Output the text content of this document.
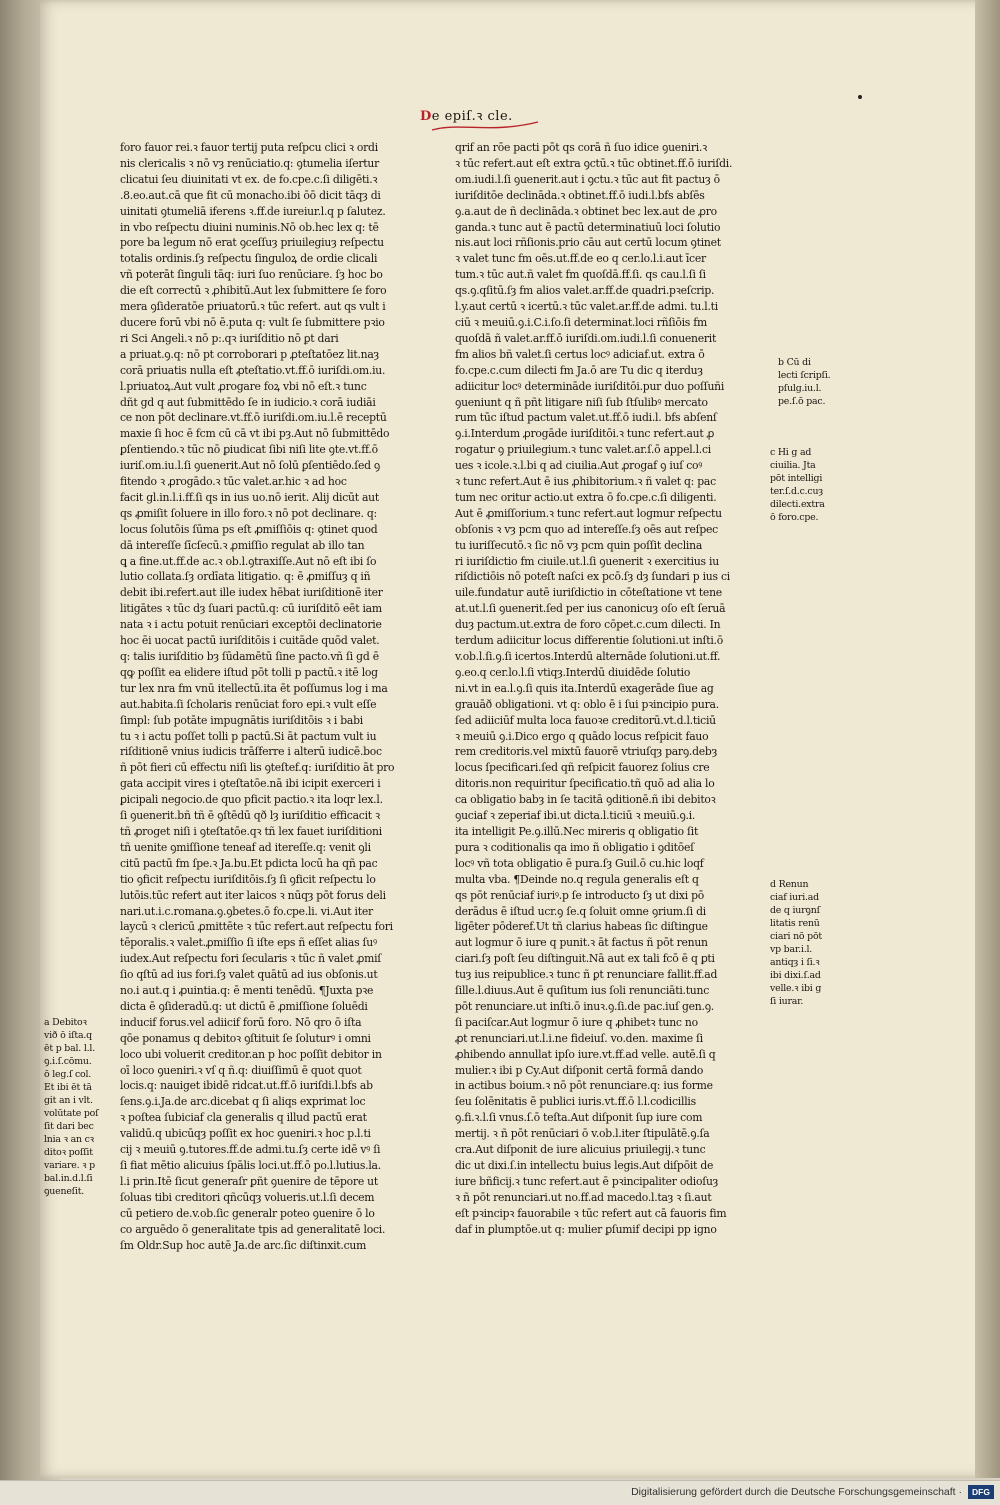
De epiſ.ꝛ cle.
foro fauor rei.ꝛ fauor tertij puta reſpcu clici ꝛ ordi
nis clericalis ꝛ nō vȝ renūciatio.q: ꝯtumelia iſertur
clicatui ſeu diuinitati vt ex. de fo.cpe.c.ſi diligēti.ꝛ
.8.eo.aut.cā que fit cū monacho.ibi ōō dicit tāqȝ di
uinitati ꝯtumeliā iferens ꝛ.ff.de iureiur.l.q p ſalutez.
in vbo reſpectu diuini numinis.Nō ob.hec lex q: tē
pore ba legum nō erat ꝯceſſuȝ priuilegiuȝ reſpectu
totalis ordinis.ſȝ reſpectu ſinguloꝝ de ordie clicali
vñ poterāt ſinguli tāq: iuri ſuo renūciare. ſȝ hoc bo
die eſt correctū ꝛ ꝓhibitū.Aut lex ſubmittere ſe foro
mera ꝯſideratōe priuatorū.ꝛ tūc refert. aut qs vult i
ducere forū vbi nō ē.puta q: vult ſe ſubmittere pꝛio
ri Sci Angeli.ꝛ nō p:.qꝛ iuriſditio nō ꝑt dari
a priuat.ꝯ.q: nō pt corroborari p ꝓteſtatōez lit.naȝ
corā priuatis nulla eſt ꝓteſtatio.vt.ff.ō iuriſdi.om.iu.
l.priuatoꝝ.Aut vult ꝓrogare foꝝ vbi nō eſt.ꝛ tunc
dñt gd q aut ſubmittēdo ſe in iudicio.ꝛ corā iudiāi
ce non pōt declinare.vt.ff.ō iuriſdi.om.iu.l.ē receptū
maxie ſi hoc ē fcm cū cā vt ibi pȝ.Aut nō ſubmittēdo
ꝑſentiendo.ꝛ tūc nō ꝑiudicat ſibi niſi lite ꝯte.vt.ff.ō
iuriſ.om.iu.l.ſi ꝯuenerit.Aut nō ſolū ꝑſentiēdo.ſed ꝯ
fitendo ꝛ ꝓrogādo.ꝛ tūc valet.ar.hic ꝛ ad hoc
facit gl.in.l.i.ff.ſi qs in ius uo.nō ierit. Alij dicūt aut
qs ꝓmiſit ſoluere in illo foro.ꝛ nō pot declinare. q:
locus ſolutōis ſūma ps eſt ꝓmiſſiōis q: ꝯtinet quod
dā intereſſe ſīcſecū.ꝛ ꝓmiſſio regulat ab illo tan
ꝗ a fine.ut.ff.de ac.ꝛ ob.l.ꝯtraxiſſe.Aut nō eſt ibi ſo
lutio collata.ſȝ ordīata litigatio. q: ē ꝓmiſſuȝ q iñ
debit ibi.refert.aut ille iudex hēbat iuriſditionē iter
litigātes ꝛ tūc dȝ ſuari pactū.q: cū iuriſditō eēt iam
nata ꝛ i actu potuit renūciari exceptōi declinatorie
hoc ēi uocat pactū iuriſditōis i cuitāde quōd valet.
q: talis iuriſditio bȝ ſūdamētū ſine pacto.vñ ſi gd ē
qꝙ poſſit ea elidere iſtud pōt tolli p pactū.ꝛ itē log
tur lex nra fm vnū itellectū.ita ēt poſſumus log i ma
aut.habita.ſi ſcholaris renūciat foro epi.ꝛ vult eſſe
ſimpl: ſub potāte impugnātis iuriſditōis ꝛ i babi
tu ꝛ i actu poſſet tolli p pactū.Si āt pactum vult iu
riſditionē vnius iudicis trāſferre i alterū iudicē.boc
ñ pōt fieri cū effectu niſi lis ꝯteſtef.q: iuriſditio āt pro
gata accipit vires i ꝯteſtatōe.nā ibi icipit exerceri i
ꝑicipali negocio.de quo pficit pactio.ꝛ ita loqr lex.l.
ſi ꝯuenerit.bñ tñ ē ꝯſtēdū qð lȝ iuriſditio efficacit ꝛ
tñ ꝓroget niſi i ꝯteſtatōe.qꝛ tñ lex fauet iuriſditioni
tñ uenite ꝯmiſſione teneaf ad itereſſe.q: venit ꝯli
citū pactū fm ſpe.ꝛ Ja.bu.Et pdicta locū ha qñ pac
tio ꝯficit reſpectu iuriſditōis.ſȝ ſi ꝯficit reſpectu lo
lutōis.tūc refert aut iter laicos ꝛ nūqȝ pōt forus deli
nari.ut.i.c.romana.ꝯ.ꝯbetes.ō fo.cpe.li. vi.Aut iter
laycū ꝛ clericū ꝓmittēte ꝛ tūc refert.aut reſpectu fori
tēporalis.ꝛ valet.ꝓmiſſio ſi iſte eps ñ eſſet alias ſuꝰ
iudex.Aut reſpectu fori ſecularis ꝛ tūc ñ valet ꝓmiſ
ſio qſtū ad ius fori.ſȝ valet quātū ad ius obſonis.ut
no.i aut.q i ꝓuintia.q: ē menti tenēdū. ¶Juxta pꝛe
dicta ē ꝯſideradū.q: ut dictū ē ꝓmiſſione ſoluēdi
inducif forus.vel adiicif forū foro. Nō qro ō iſta
qōe ponamus q debitoꝛ ꝯſtituit ſe ſoluturꝰ i omni
loco ubi voluerit creditor.an p hoc poſſit debitor in
oī loco ꝯueniri.ꝛ vſ q ñ.q: diuiſſimū ē quot quot
locis.q: nauiget ibidē ridcat.ut.ff.ō iuriſdi.l.bfs ab
ſens.ꝯ.i.Ja.de arc.dicebat q ſi aliqs exprimat loc
ꝛ poſtea ſubiciaf cla generalis q illud pactū erat
validū.q ubicūqȝ poſſit ex hoc ꝯueniri.ꝛ hoc p.l.ti
cij ꝛ meuiū ꝯ.tutores.ff.de admi.tu.ſȝ certe idē vꝰ ſi
ſi fiat mētio alicuius ſpālis loci.ut.ff.ō po.l.lutius.la.
l.i prin.Itē ſicut generaſr ꝑñt ꝯuenire de tēpore ut
ſoluas tibi creditori qñcūqȝ volueris.ut.l.ſi decem
cū petiero de.v.ob.ſic generalr poteo ꝯuenire ō lo
co arguēdo ō generalitate tpis ad generalitatē loci.
ſm Oldr.Sup hoc autē Ja.de arc.ſic diſtinxit.cum
qrif an rōe pacti pōt qs corā ñ ſuo idice ꝯueniri.ꝛ
ꝛ tūc refert.aut eſt extra ꝯctū.ꝛ tūc obtinet.ff.ō iuriſdi.
om.iudi.l.ſi ꝯuenerit.aut i ꝯctu.ꝛ tūc aut fit pactuȝ ō
iuriſditōe declināda.ꝛ obtinet.ff.ō iudi.l.bfs abſēs
ꝯ.a.aut de ñ declināda.ꝛ obtinet bec lex.aut de ꝓro
ganda.ꝛ tunc aut ē pactū determinatiuū loci ſolutio
nis.aut loci rñſionis.prio cāu aut certū locum ꝯtinet
ꝛ valet tunc fm oēs.ut.ff.de eo q cer.lo.l.i.aut īcer
tum.ꝛ tūc aut.ñ valet fm quoſdā.ff.ſi. qs cau.l.ſi ſi
qs.ꝯ.qſitū.ſȝ fm alios valet.ar.ff.de quadri.pꝛeſcrip.
l.y.aut certū ꝛ icertū.ꝛ tūc valet.ar.ff.de admi. tu.l.ti
ciū ꝛ meuiū.ꝯ.i.C.i.ſo.ſi determinat.loci rñſiōis fm
quoſdā ñ valet.ar.ff.ō iuriſdi.om.iudi.l.ſi conuenerit
fm alios bñ valet.ſi certus locꝰ adiciaf.ut. extra ō
fo.cpe.c.cum dilecti fm Ja.ō are Tu dic q iterduȝ
adiicitur locꝰ determināde iuriſditōi.pur duo poſſuñi
ꝯueniunt q ñ pñt litigare niſi ſub ſtſulibꝰ mercato
rum tūc iſtud pactum valet.ut.ff.ō iudi.l. bfs abſenſ
ꝯ.i.Interdum ꝓrogāde iuriſditōi.ꝛ tunc refert.aut ꝓ
rogatur ꝯ priuilegium.ꝛ tunc valet.ar.ſ.ō appel.l.ci
ues ꝛ icole.ꝛ.l.bi q ad ciuilia.Aut ꝓrogaf ꝯ iuſ coꝰ
ꝛ tunc refert.Aut ē ius ꝓhibitorium.ꝛ ñ valet q: pac
tum nec oritur actio.ut extra ō fo.cpe.c.ſi diligenti.
Aut ē ꝓmiſſorium.ꝛ tunc refert.aut logmur reſpectu
obſonis ꝛ vȝ pcm quo ad intereſſe.ſȝ oēs aut reſpec
tu iuriſſecutō.ꝛ ſic nō vȝ pcm quin poſſit declina
ri iuriſdictio fm ciuile.ut.l.ſi ꝯuenerit ꝛ exercitius iu
riſdictiōis nō poteſt naſci ex pcō.ſȝ dȝ ſundari p ius ci
uile.fundatur autē iuriſdictio in cōteſtatione vt tene
at.ut.l.ſi ꝯuenerit.ſed per ius canonicuȝ oſo eſt ſeruā
duȝ pactum.ut.extra de foro cōpet.c.cum dilecti. In
terdum adiicitur locus differentie ſolutioni.ut inſti.ō
v.ob.l.ſi.ꝯ.ſi icertos.Interdū alternāde ſolutioni.ut.ff.
ꝯ.eo.q cer.lo.l.ſi vtiqȝ.Interdū diuidēde ſolutio
ni.vt in ea.l.ꝯ.ſi quis ita.Interdū exagerāde ſiue ag
grauāð obligationi. vt q: oblo ē i ſui pꝛincipio pura.
ſed adiiciūf multa loca fauoꝛe creditorū.vt.d.l.ticiū
ꝛ meuiū ꝯ.i.Dico ergo q quādo locus reſpicit fauo
rem creditoris.vel mixtū fauorē vtriuſqȝ parꝯ.debȝ
locus ſpecificari.ſed qñ reſpicit fauorez ſolius cre
ditoris.non requiritur ſpecificatio.tñ quō ad alia lo
ca obligatio babȝ in ſe tacitā ꝯditionē.ñ ibi debitoꝛ
ꝯuciaf ꝛ zeperiaf ibi.ut dicta.l.ticiū ꝛ meuiū.ꝯ.i.
ita intelligit Pe.ꝯ.illū.Nec mireris q obligatio ſit
pura ꝛ coditionalis qa imo ñ obligatio i ꝯditōeſ
locꝰ vñ tota obligatio ē pura.ſȝ Guil.ō cu.hic loqf
multa vba. ¶Deinde no.q regula generalis eſt q
qs pōt renūciaf iuriꝰ.p ſe introducto ſȝ ut dixi pō
derādus ē iſtud ucr.ꝯ ſe.q ſoluit omne ꝯrium.ſi di
ligēter pōderef.Ut tñ clarius habeas ſic diſtingue
aut logmur ō iure q punit.ꝛ āt factus ñ pōt renun
ciari.ſȝ poſt ſeu diſtinguit.Nā aut ex tali fcō ē q ꝑti
tuȝ ius reipublice.ꝛ tunc ñ ꝑt renunciare fallit.ff.ad
ſille.l.diuus.Aut ē quſitum ius ſoli renunciāti.tunc
pōt renunciare.ut inſti.ō inuꝛ.ꝯ.ſi.de pac.iuſ gen.ꝯ.
ſi paciſcar.Aut logmur ō iure q ꝓhibetꝛ tunc no
ꝓt renunciari.ut.l.i.ne fideiuſ. vo.den. maxime ſi
ꝓhibendo annullat ipſo iure.vt.ff.ad velle. autē.ſi q
mulier.ꝛ ibi p Cy.Aut diſponit certā formā dando
in actibus boium.ꝛ nō pōt renunciare.q: ius forme
ſeu ſolēnitatis ē publici iuris.vt.ff.ō l.l.codicillis
ꝯ.fi.ꝛ.l.ſi vnus.ſ.ō teſta.Aut diſponit ſup iure com
mertij. ꝛ ñ pōt renūciari ō v.ob.l.iter ſtipulātē.ꝯ.ſa
cra.Aut diſponit de iure alicuius priuilegij.ꝛ tunc
dic ut dixi.ſ.in intellectu buius legis.Aut diſpōit de
iure bñficij.ꝛ tunc refert.aut ē pꝛincipaliter odioſuȝ
ꝛ ñ pōt renunciari.ut no.ff.ad macedo.l.taȝ ꝛ ſi.aut
eſt pꝛincipꝛ fauorabile ꝛ tūc refert aut cā fauoris fim
daf in ꝑlumptōe.ut q: mulier ꝑſumif decipi pp igno
a Debitoꝛ
við ō iſta.q
ēt p bal. l.l.
ꝯ.i.ſ.cōmu.
ō leg.ſ col.
Et ibi ēt tā
git an i vlt.
volūtate poſ
ſit dari bec
lnia ꝛ an cꝛ
ditoꝛ poſſit
variare. ꝛ p
bal.in.d.l.ſi
ꝯueneſit.
b Cū di
lecti ſcripſi.
pſulg.iu.l.
pe.ſ.ō pac.
c Hi g ad
ciuilia. Jta
pōt intelligi
ter.ſ.d.c.cuȝ
dilecti.extra
ō foro.cpe.
d Renun
ciaf iuri.ad
de q iurꝯnſ
litatis renū
ciari nō pōt
vp bar.i.l.
antiqȝ i ſi.ꝛ
ibi dixi.ſ.ad
velle.ꝛ ibi g
ſi iurar.
Digitalisierung gefördert durch die Deutsche Forschungsgemeinschaft ·	DFG
